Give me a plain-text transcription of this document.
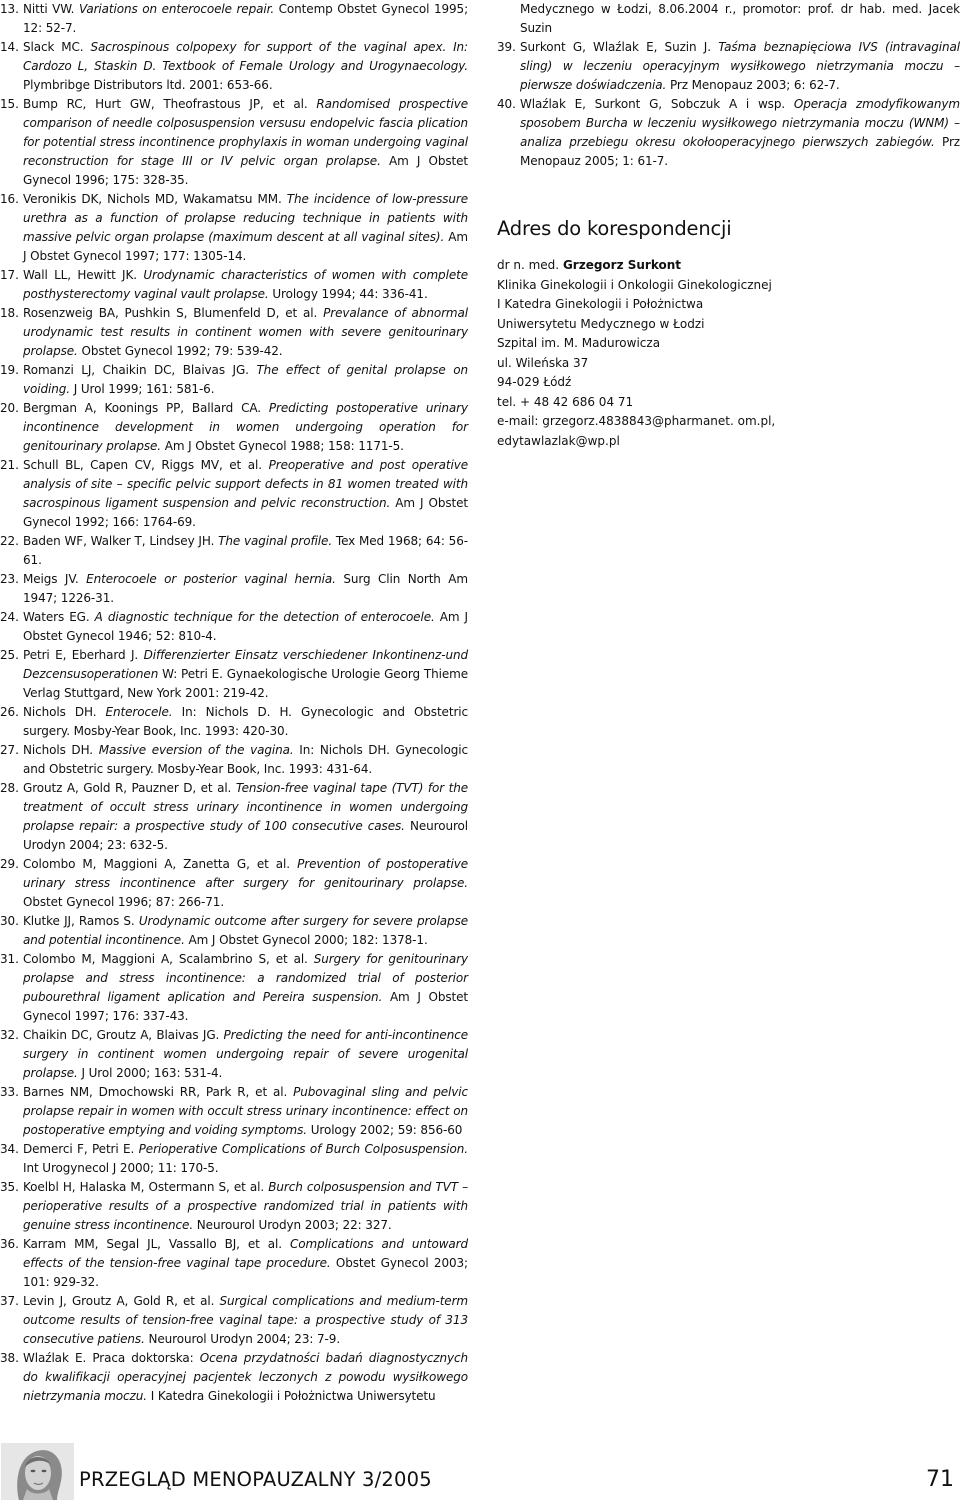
13. Nitti VW. Variations on enterocoele repair. Contemp Obstet Gynecol 1995; 12: 52-7.
14. Slack MC. Sacrospinous colpopexy for support of the vaginal apex. In: Cardozo L, Staskin D. Textbook of Female Urology and Urogynaecology. Plymbribge Distributors ltd. 2001: 653-66.
15. Bump RC, Hurt GW, Theofrastous JP, et al. Randomised prospective comparison of needle colposuspension versusu endopelvic fascia plication for potential stress incontinence prophylaxis in woman undergoing vaginal reconstruction for stage III or IV pelvic organ prolapse. Am J Obstet Gynecol 1996; 175: 328-35.
16. Veronikis DK, Nichols MD, Wakamatsu MM. The incidence of low-pressure urethra as a function of prolapse reducing technique in patients with massive pelvic organ prolapse (maximum descent at all vaginal sites). Am J Obstet Gynecol 1997; 177: 1305-14.
17. Wall LL, Hewitt JK. Urodynamic characteristics of women with complete posthysterectomy vaginal vault prolapse. Urology 1994; 44: 336-41.
18. Rosenzweig BA, Pushkin S, Blumenfeld D, et al. Prevalance of abnormal urodynamic test results in continent women with severe genitourinary prolapse. Obstet Gynecol 1992; 79: 539-42.
19. Romanzi LJ, Chaikin DC, Blaivas JG. The effect of genital prolapse on voiding. J Urol 1999; 161: 581-6.
20. Bergman A, Koonings PP, Ballard CA. Predicting postoperative urinary incontinence development in women undergoing operation for genitourinary prolapse. Am J Obstet Gynecol 1988; 158: 1171-5.
21. Schull BL, Capen CV, Riggs MV, et al. Preoperative and post operative analysis of site – specific pelvic support defects in 81 women treated with sacrospinous ligament suspension and pelvic reconstruction. Am J Obstet Gynecol 1992; 166: 1764-69.
22. Baden WF, Walker T, Lindsey JH. The vaginal profile. Tex Med 1968; 64: 56-61.
23. Meigs JV. Enterocoele or posterior vaginal hernia. Surg Clin North Am 1947; 1226-31.
24. Waters EG. A diagnostic technique for the detection of enterocoele. Am J Obstet Gynecol 1946; 52: 810-4.
25. Petri E, Eberhard J. Differenzierter Einsatz verschiedener Inkontinenz-und Dezcensusoperationen W: Petri E. Gynaekologische Urologie Georg Thieme Verlag Stuttgard, New York 2001: 219-42.
26. Nichols DH. Enterocele. In: Nichols D. H. Gynecologic and Obstetric surgery. Mosby-Year Book, Inc. 1993: 420-30.
27. Nichols DH. Massive eversion of the vagina. In: Nichols DH. Gynecologic and Obstetric surgery. Mosby-Year Book, Inc. 1993: 431-64.
28. Groutz A, Gold R, Pauzner D, et al. Tension-free vaginal tape (TVT) for the treatment of occult stress urinary incontinence in women undergoing prolapse repair: a prospective study of 100 consecutive cases. Neurourol Urodyn 2004; 23: 632-5.
29. Colombo M, Maggioni A, Zanetta G, et al. Prevention of postoperative urinary stress incontinence after surgery for genitourinary prolapse. Obstet Gynecol 1996; 87: 266-71.
30. Klutke JJ, Ramos S. Urodynamic outcome after surgery for severe prolapse and potential incontinence. Am J Obstet Gynecol 2000; 182: 1378-1.
31. Colombo M, Maggioni A, Scalambrino S, et al. Surgery for genitourinary prolapse and stress incontinence: a randomized trial of posterior pubourethral ligament aplication and Pereira suspension. Am J Obstet Gynecol 1997; 176: 337-43.
32. Chaikin DC, Groutz A, Blaivas JG. Predicting the need for anti-incontinence surgery in continent women undergoing repair of severe urogenital prolapse. J Urol 2000; 163: 531-4.
33. Barnes NM, Dmochowski RR, Park R, et al. Pubovaginal sling and pelvic prolapse repair in women with occult stress urinary incontinence: effect on postoperative emptying and voiding symptoms. Urology 2002; 59: 856-60
34. Demerci F, Petri E. Perioperative Complications of Burch Colposuspension. Int Urogynecol J 2000; 11: 170-5.
35. Koelbl H, Halaska M, Ostermann S, et al. Burch colposuspension and TVT – perioperative results of a prospective randomized trial in patients with genuine stress incontinence. Neurourol Urodyn 2003; 22: 327.
36. Karram MM, Segal JL, Vassallo BJ, et al. Complications and untoward effects of the tension-free vaginal tape procedure. Obstet Gynecol 2003; 101: 929-32.
37. Levin J, Groutz A, Gold R, et al. Surgical complications and medium-term outcome results of tension-free vaginal tape: a prospective study of 313 consecutive patiens. Neurourol Urodyn 2004; 23: 7-9.
38. Wlaźlak E. Praca doktorska: Ocena przydatności badań diagnostycznych do kwalifikacji operacyjnej pacjentek leczonych z powodu wysiłkowego nietrzymania moczu. I Katedra Ginekologii i Położnictwa Uniwersytetu

Medycznego w Łodzi, 8.06.2004 r., promotor: prof. dr hab. med. Jacek Suzin

39. Surkont G, Wlaźlak E, Suzin J. Taśma beznapięciowa IVS (intravaginal sling) w leczeniu operacyjnym wysiłkowego nietrzymania moczu – pierwsze doświadczenia. Prz Menopauz 2003; 6: 62-7.
40. Wlaźlak E, Surkont G, Sobczuk A i wsp. Operacja zmodyfikowanym sposobem Burcha w leczeniu wysiłkowego nietrzymania moczu (WNM) – analiza przebiegu okresu okołooperacyjnego pierwszych zabiegów. Prz Menopauz 2005; 1: 61-7.
Adres do korespondencji
dr n. med. Grzegorz Surkont
Klinika Ginekologii i Onkologii Ginekologicznej
I Katedra Ginekologii i Położnictwa
Uniwersytetu Medycznego w Łodzi
Szpital im. M. Madurowicza
ul. Wileńska 37
94-029 Łódź
tel. + 48 42 686 04 71
e-mail: grzegorz.4838843@pharmanet. om.pl,
edytawlazlak@wp.pl
PRZEGLĄD MENOPAUZALNY 3/2005	71
